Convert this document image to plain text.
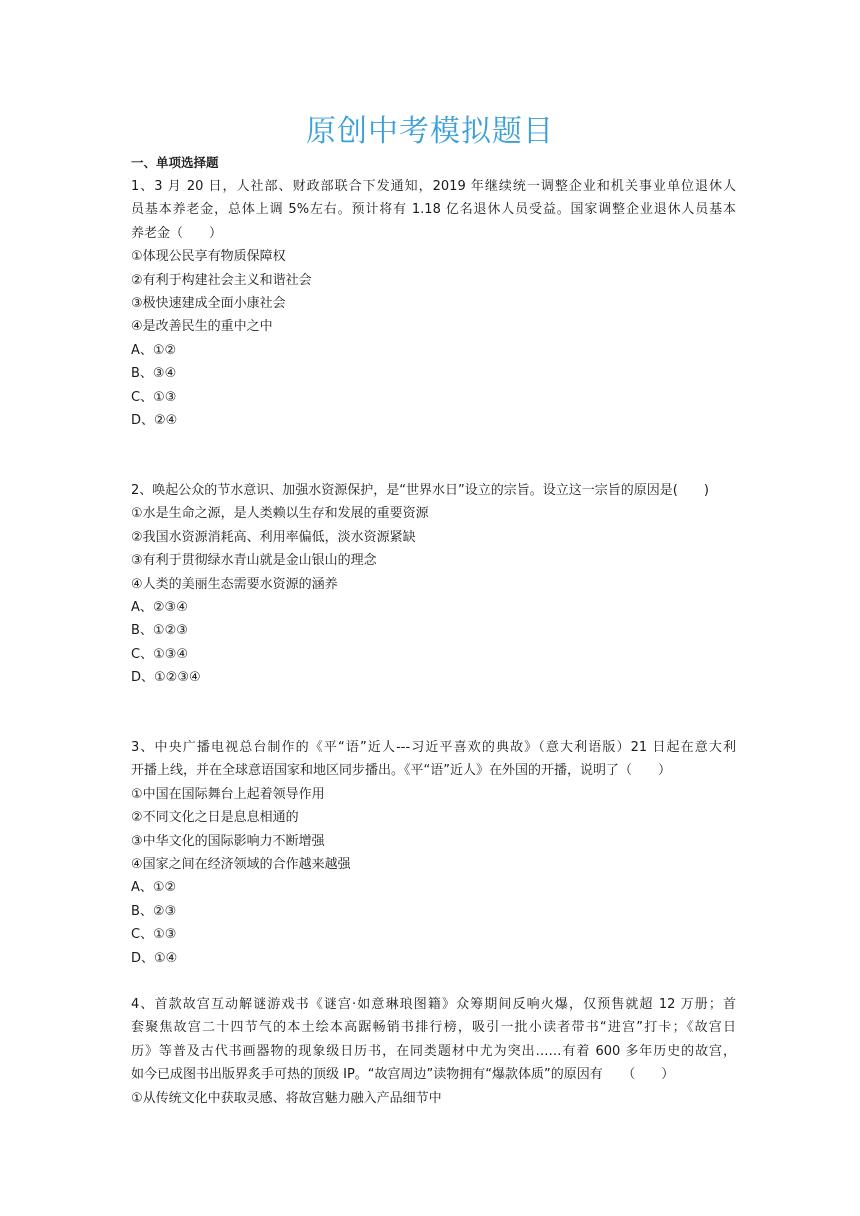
原创中考模拟题目
一、单项选择题
1、3 月 20 日，人社部、财政部联合下发通知，2019 年继续统一调整企业和机关事业单位退休人
员基本养老金，总体上调 5%左右。预计将有 1.18 亿名退休人员受益。国家调整企业退休人员基本
养老金（　　）
①体现公民享有物质保障权
②有利于构建社会主义和谐社会
③极快速建成全面小康社会
④是改善民生的重中之中
A、①②
B、③④
C、①③
D、②④
2、唤起公众的节水意识、加强水资源保护，是“世界水日”设立的宗旨。设立这一宗旨的原因是(　　)
①水是生命之源，是人类赖以生存和发展的重要资源
②我国水资源消耗高、利用率偏低，淡水资源紧缺
③有利于贯彻绿水青山就是金山银山的理念
④人类的美丽生态需要水资源的涵养
A、②③④
B、①②③
C、①③④
D、①②③④
3、中央广播电视总台制作的《平“语”近人---习近平喜欢的典故》（意大利语版）21 日起在意大利
开播上线，并在全球意语国家和地区同步播出。《平“语”近人》在外国的开播，说明了（　　）
①中国在国际舞台上起着领导作用
②不同文化之日是息息相通的
③中华文化的国际影响力不断增强
④国家之间在经济领域的合作越来越强
A、①②
B、②③
C、①③
D、①④
4、首款故宫互动解谜游戏书《谜宫·如意琳琅图籍》众筹期间反响火爆，仅预售就超 12 万册；首
套聚焦故宫二十四节气的本土绘本高踞畅销书排行榜，吸引一批小读者带书“进宫”打卡；《故宫日
历》等普及古代书画器物的现象级日历书，在同类题材中尤为突出……有着 600 多年历史的故宫，
如今已成图书出版界炙手可热的顶级 IP。“故宫周边”读物拥有“爆款体质”的原因有　　（　　）
①从传统文化中获取灵感、将故宫魅力融入产品细节中
